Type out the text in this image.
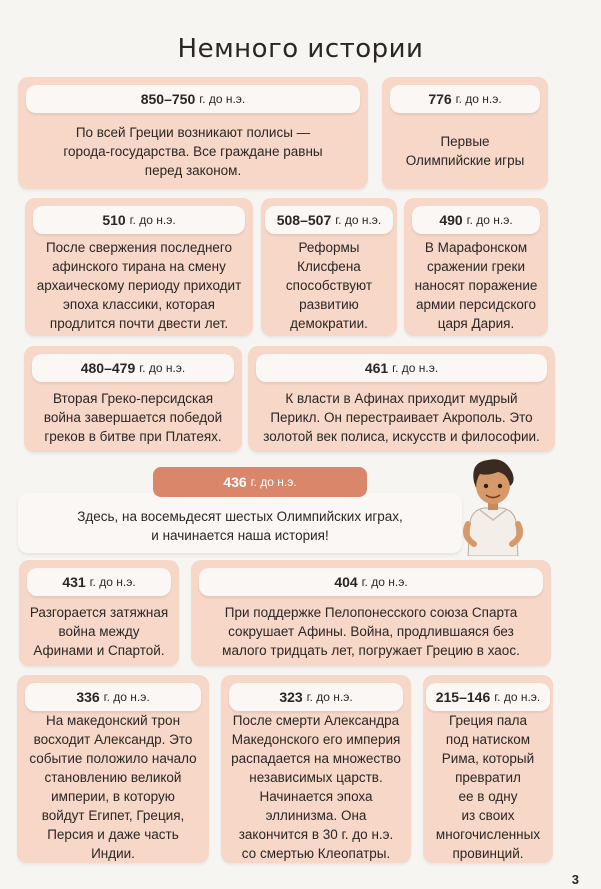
Немного истории
850–750 г. до н.э.
По всей Греции возникают полисы —
города-государства. Все граждане равны
перед законом.
776 г. до н.э.
Первые
Олимпийские игры
510 г. до н.э.
После свержения последнего
афинского тирана на смену
архаическому периоду приходит
эпоха классики, которая
продлится почти двести лет.
508–507 г. до н.э.
Реформы
Клисфена
способствуют
развитию
демократии.
490 г. до н.э.
В Марафонском
сражении греки
наносят поражение
армии персидского
царя Дария.
480–479 г. до н.э.
Вторая Греко-персидская
война завершается победой
греков в битве при Платеях.
461 г. до н.э.
К власти в Афинах приходит мудрый
Перикл. Он перестраивает Акрополь. Это
золотой век полиса, искусств и философии.
Здесь, на восемьдесят шестых Олимпийских играх,
и начинается наша история!
436 г. до н.э.
431 г. до н.э.
Разгорается затяжная
война между
Афинами и Спартой.
404 г. до н.э.
При поддержке Пелопонесского союза Спарта
сокрушает Афины. Война, продлившаяся без
малого тридцать лет, погружает Грецию в хаос.
336 г. до н.э.
На македонский трон
восходит Александр. Это
событие положило начало
становлению великой
империи, в которую
войдут Египет, Греция,
Персия и даже часть
Индии.
323 г. до н.э.
После смерти Александра
Македонского его империя
распадается на множество
независимых царств.
Начинается эпоха
эллинизма. Она
закончится в 30 г. до н.э.
со смертью Клеопатры.
215–146 г. до н.э.
Греция пала
под натиском
Рима, который
превратил
ее в одну
из своих
многочисленных
провинций.
3
